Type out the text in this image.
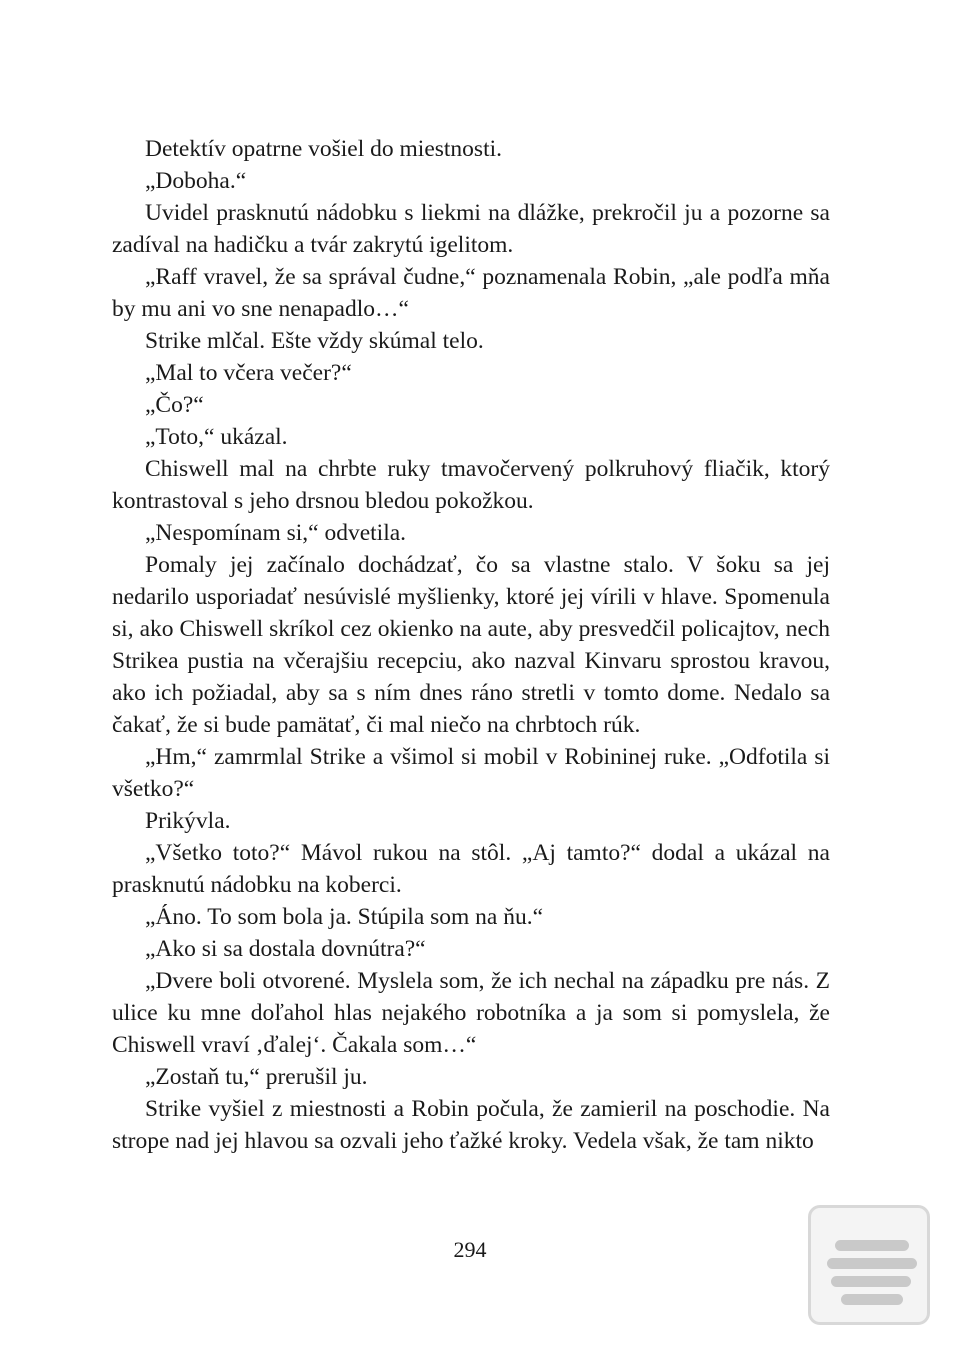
Detektív opatrne vošiel do miestnosti.

„Doboha.“

Uvidel prasknutú nádobku s liekmi na dlážke, prekročil ju a pozorne sa zadíval na hadičku a tvár zakrytú igelitom.

„Raff vravel, že sa správal čudne,“ poznamenala Robin, „ale podľa mňa by mu ani vo sne nenapadlo…“

Strike mlčal. Ešte vždy skúmal telo.

„Mal to včera večer?“

„Čo?“

„Toto,“ ukázal.

Chiswell mal na chrbte ruky tmavočervený polkruhový fliačik, ktorý kontrastoval s jeho drsnou bledou pokožkou.

„Nespomínam si,“ odvetila.

Pomaly jej začínalo dochádzať, čo sa vlastne stalo. V šoku sa jej nedarilo usporiadať nesúvislé myšlienky, ktoré jej vírili v hlave. Spomenula si, ako Chiswell skríkol cez okienko na aute, aby presvedčil policajtov, nech Strikea pustia na včerajšiu recepciu, ako nazval Kinvaru sprostou kravou, ako ich požiadal, aby sa s ním dnes ráno stretli v tomto dome. Nedalo sa čakať, že si bude pamätať, či mal niečo na chrbtoch rúk.

„Hm,“ zamrmlal Strike a všimol si mobil v Robininej ruke. „Odfotila si všetko?“

Prikývla.

„Všetko toto?“ Mávol rukou na stôl. „Aj tamto?“ dodal a ukázal na prasknutú nádobku na koberci.

„Áno. To som bola ja. Stúpila som na ňu.“

„Ako si sa dostala dovnútra?“

„Dvere boli otvorené. Myslela som, že ich nechal na západku pre nás. Z ulice ku mne doľahol hlas nejakého robotníka a ja som si pomyslela, že Chiswell vraví ‚ďalej‘. Čakala som…“

„Zostaň tu,“ prerušil ju.

Strike vyšiel z miestnosti a Robin počula, že zamieril na poschodie. Na strope nad jej hlavou sa ozvali jeho ťažké kroky. Vedela však, že tam nikto

294
